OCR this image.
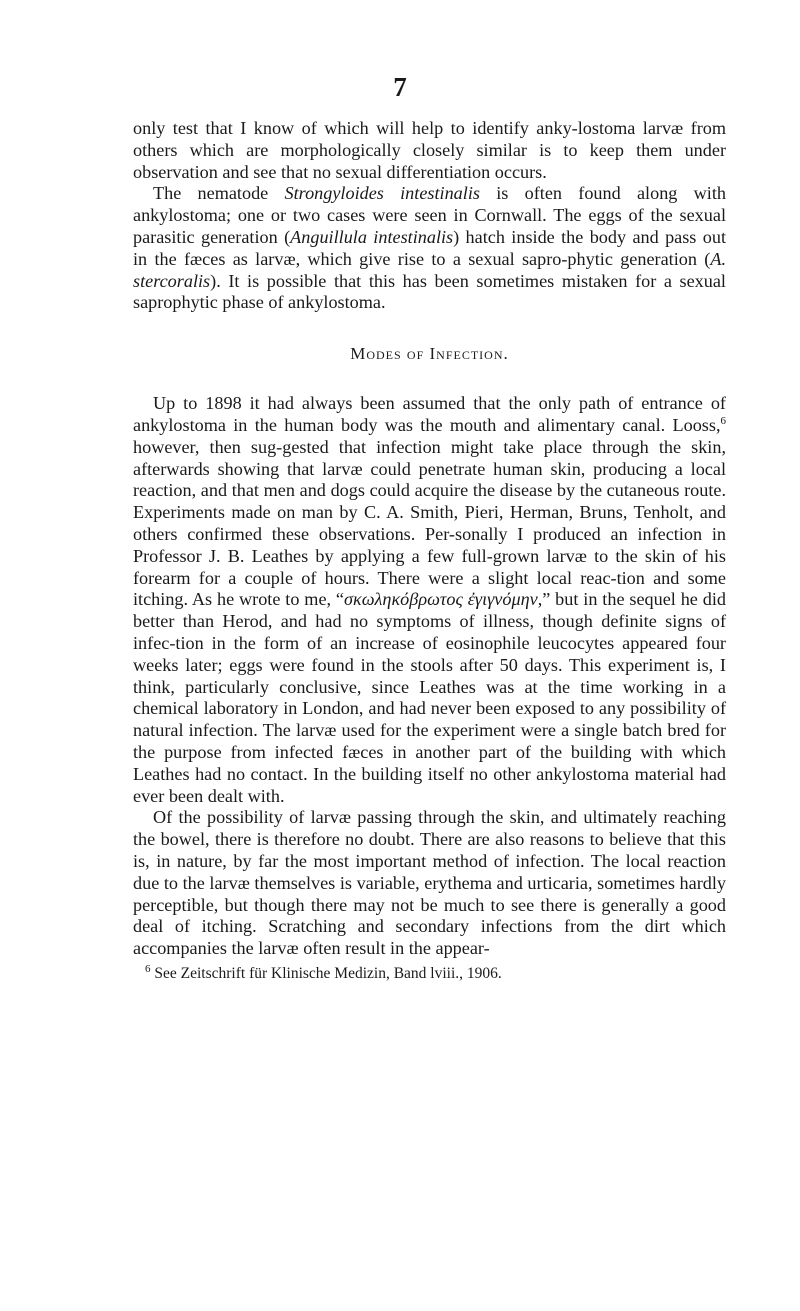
7

only test that I know of which will help to identify anky-lostoma larvæ from others which are morphologically closely similar is to keep them under observation and see that no sexual differentiation occurs.

The nematode Strongyloides intestinalis is often found along with ankylostoma; one or two cases were seen in Cornwall. The eggs of the sexual parasitic generation (Anguillula intestinalis) hatch inside the body and pass out in the fæces as larvæ, which give rise to a sexual sapro-phytic generation (A. stercoralis). It is possible that this has been sometimes mistaken for a sexual saprophytic phase of ankylostoma.

Modes of Infection.

Up to 1898 it had always been assumed that the only path of entrance of ankylostoma in the human body was the mouth and alimentary canal. Looss,$^6$ however, then sug-gested that infection might take place through the skin, afterwards showing that larvæ could penetrate human skin, producing a local reaction, and that men and dogs could acquire the disease by the cutaneous route. Experiments made on man by C. A. Smith, Pieri, Herman, Bruns, Tenholt, and others confirmed these observations. Per-sonally I produced an infection in Professor J. B. Leathes by applying a few full-grown larvæ to the skin of his forearm for a couple of hours. There were a slight local reac-tion and some itching. As he wrote to me, “σκωληκόβρωτος ἐγιγνόμην,” but in the sequel he did better than Herod, and had no symptoms of illness, though definite signs of infec-tion in the form of an increase of eosinophile leucocytes appeared four weeks later; eggs were found in the stools after 50 days. This experiment is, I think, particularly conclusive, since Leathes was at the time working in a chemical laboratory in London, and had never been exposed to any possibility of natural infection. The larvæ used for the experiment were a single batch bred for the purpose from infected fæces in another part of the building with which Leathes had no contact. In the building itself no other ankylostoma material had ever been dealt with.

Of the possibility of larvæ passing through the skin, and ultimately reaching the bowel, there is therefore no doubt. There are also reasons to believe that this is, in nature, by far the most important method of infection. The local reaction due to the larvæ themselves is variable, erythema and urticaria, sometimes hardly perceptible, but though there may not be much to see there is generally a good deal of itching. Scratching and secondary infections from the dirt which accompanies the larvæ often result in the appear-

$^6$ See Zeitschrift für Klinische Medizin, Band lviii., 1906.
